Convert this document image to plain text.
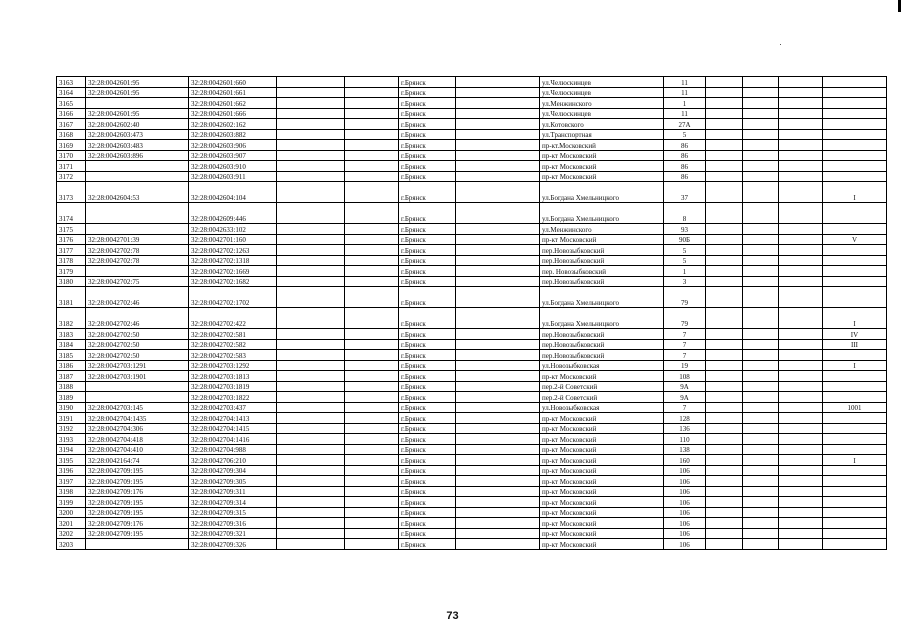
3163	32:28:0042601:95	32:28:0042601:660			г.Брянск		ул.Челюскинцев	11				
3164	32:28:0042601:95	32:28:0042601:661			г.Брянск		ул.Челюскинцев	11				
3165		32:28:0042601:662			г.Брянск		ул.Менжинского	1				
3166	32:28:0042601:95	32:28:0042601:666			г.Брянск		ул.Челюскинцев	11				
3167	32:28:0042602:40	32:28:0042602:162			г.Брянск		ул.Котовского	27А				
3168	32:28:0042603:473	32:28:0042603:882			г.Брянск		ул.Транспортная	5				
3169	32:28:0042603:483	32:28:0042603:906			г.Брянск		пр-кт.Московский	86				
3170	32:28:0042603:896	32:28:0042603:907			г.Брянск		пр-кт Московский	86				
3171		32:28:0042603:910			г.Брянск		пр-кт Московский	86				
3172		32:28:0042603:911			г.Брянск		пр-кт Московский	86				
3173	32:28:0042604:53	32:28:0042604:104			г.Брянск		ул.Богдана Хмельницкого	37				I
3174		32:28:0042609:446			г.Брянск		ул.Богдана Хмельницкого	8				
3175		32:28:0042633:102			г.Брянск		ул.Менжинского	93				
3176	32:28:0042701:39	32:28:0042701:160			г.Брянск		пр-кт Московский	90Б				V
3177	32:28:0042702:78	32:28:0042702:1263			г.Брянск		пер.Новозыбковский	5				
3178	32:28:0042702:78	32:28:0042702:1318			г.Брянск		пер.Новозыбковский	5				
3179		32:28:0042702:1669			г.Брянск		пер. Новозыбковский	1				
3180	32:28:0042702:75	32:28:0042702:1682			г.Брянск		пер.Новозыбковский	3				
3181	32:28:0042702:46	32:28:0042702:1702			г.Брянск		ул.Богдана Хмельницкого	79				
3182	32:28:0042702:46	32:28:0042702:422			г.Брянск		ул.Богдана Хмельницкого	79				I
3183	32:28:0042702:50	32:28:0042702:581			г.Брянск		пер.Новозыбковский	7				IV
3184	32:28:0042702:50	32:28:0042702:582			г.Брянск		пер.Новозыбковский	7				III
3185	32:28:0042702:50	32:28:0042702:583			г.Брянск		пер.Новозыбковский	7				
3186	32:28:0042703:1291	32:28:0042703:1292			г.Брянск		ул.Новозыбковская	19				I
3187	32:28:0042703:1901	32:28:0042703:1813			г.Брянск		пр-кт Московский	108				
3188		32:28:0042703:1819			г.Брянск		пер.2-й Советский	9А				
3189		32:28:0042703:1822			г.Брянск		пер.2-й Советский	9А				
3190	32:28:0042703:145	32:28:0042703:437			г.Брянск		ул.Новозыбковская	7				1001
3191	32:28:0042704:1435	32:28:0042704:1413			г.Брянск		пр-кт Московский	128				
3192	32:28:0042704:306	32:28:0042704:1415			г.Брянск		пр-кт Московский	136				
3193	32:28:0042704:418	32:28:0042704:1416			г.Брянск		пр-кт Московский	110				
3194	32:28:0042704:410	32:28:0042704:988			г.Брянск		пр-кт Московский	138				
3195	32:28:0042164:74	32:28:0042706:210			г.Брянск		пр-кт Московский	160				I
3196	32:28:0042709:195	32:28:0042709:304			г.Брянск		пр-кт Московский	106				
3197	32:28:0042709:195	32:28:0042709:305			г.Брянск		пр-кт Московский	106				
3198	32:28:0042709:176	32:28:0042709:311			г.Брянск		пр-кт Московский	106				
3199	32:28:0042709:195	32:28:0042709:314			г.Брянск		пр-кт Московский	106				
3200	32:28:0042709:195	32:28:0042709:315			г.Брянск		пр-кт Московский	106				
3201	32:28:0042709:176	32:28:0042709:316			г.Брянск		пр-кт Московский	106				
3202	32:28:0042709:195	32:28:0042709:321			г.Брянск		пр-кт Московский	106				
3203		32:28:0042709:326			г.Брянск		пр-кт Московский	106				
73
